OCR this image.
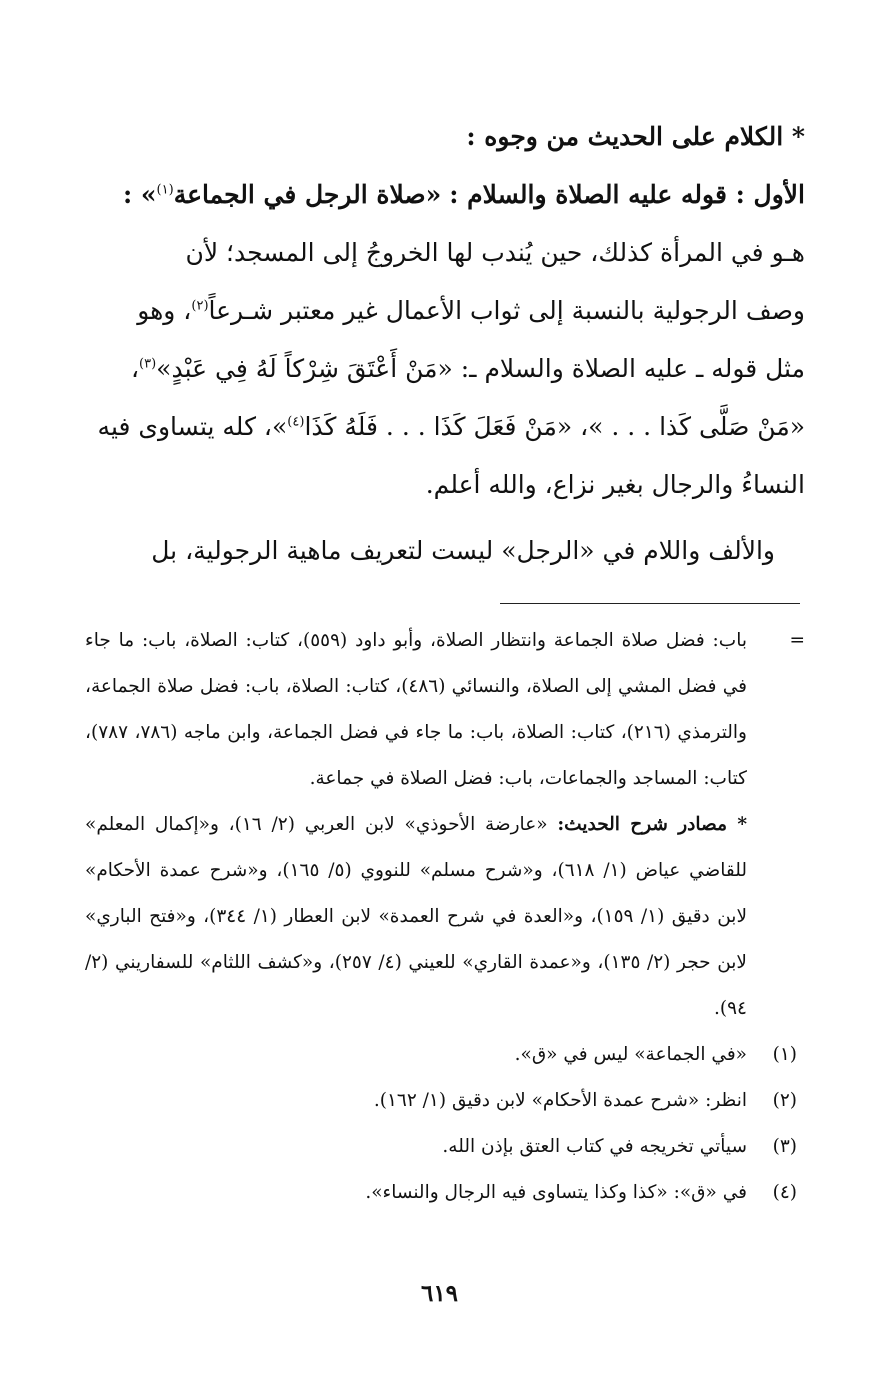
* الكلام على الحديث من وجوه :

الأول : قوله عليه الصلاة والسلام : «صلاة الرجل في الجماعة$^{(١)}$» :

هـو في المرأة كذلك، حين يُندب لها الخروجُ إلى المسجد؛ لأن
وصف الرجولية بالنسبة إلى ثواب الأعمال غير معتبر شـرعاً$^{(٢)}$، وهو
مثل قوله ـ عليه الصلاة والسلام ـ: «مَنْ أَعْتَقَ شِرْكاً لَهُ فِي عَبْدٍ»$^{(٣)}$،
«مَنْ صَلَّى كَذا . . . »، «مَنْ فَعَلَ كَذَا . . . فَلَهُ كَذَا$^{(٤)}$»، كله يتساوى فيه
النساءُ والرجال بغير نزاع، والله أعلم.
والألف واللام في «الرجل» ليست لتعريف ماهية الرجولية، بل
=
باب: فضل صلاة الجماعة وانتظار الصلاة، وأبو داود (٥٥٩)، كتاب: الصلاة، باب: ما جاء في فضل المشي إلى الصلاة، والنسائي (٤٨٦)، كتاب: الصلاة، باب: فضل صلاة الجماعة، والترمذي (٢١٦)، كتاب: الصلاة، باب: ما جاء في فضل الجماعة، وابن ماجه (٧٨٦، ٧٨٧)، كتاب: المساجد والجماعات، باب: فضل الصلاة في جماعة.
* مصادر شرح الحديث: «عارضة الأحوذي» لابن العربي (٢/ ١٦)، و«إكمال المعلم» للقاضي عياض (١/ ٦١٨)، و«شرح مسلم» للنووي (٥/ ١٦٥)، و«شرح عمدة الأحكام» لابن دقيق (١/ ١٥٩)، و«العدة في شرح العمدة» لابن العطار (١/ ٣٤٤)، و«فتح الباري» لابن حجر (٢/ ١٣٥)، و«عمدة القاري» للعيني (٤/ ٢٥٧)، و«كشف اللثام» للسفاريني (٢/ ٩٤).
(١)
«في الجماعة» ليس في «ق».
(٢)
انظر: «شرح عمدة الأحكام» لابن دقيق (١/ ١٦٢).
(٣)
سيأتي تخريجه في كتاب العتق بإذن الله.
(٤)
في «ق»: «كذا وكذا يتساوى فيه الرجال والنساء».
٦١٩
